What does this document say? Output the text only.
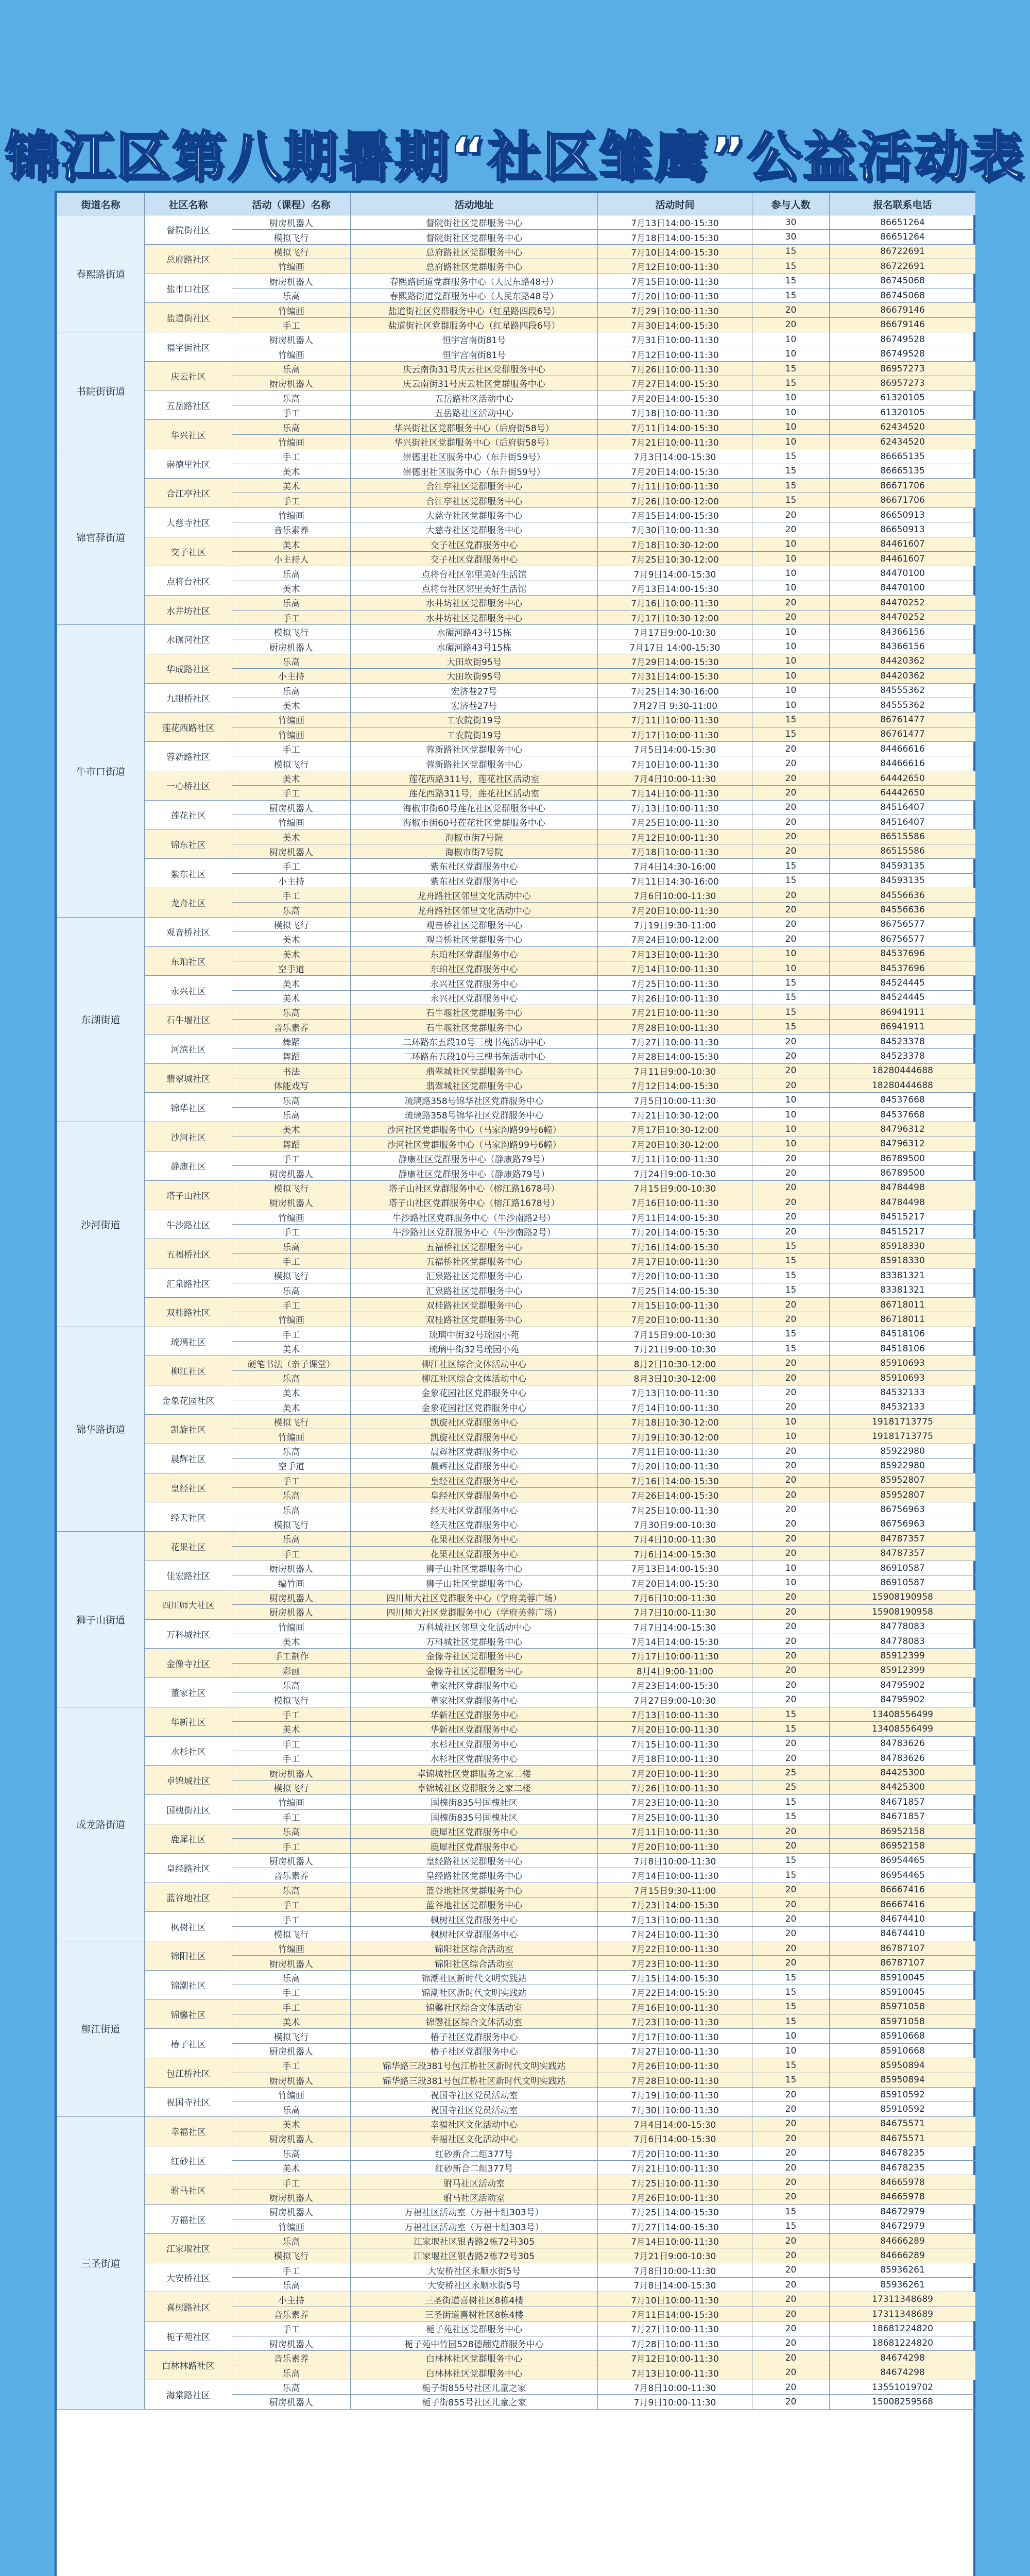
锦江区第八期暑期“社区雏鹰”公益活动表
街道名称	社区名称	活动（课程）名称	活动地址	活动时间	参与人数	报名联系电话
春熙路街道	督院街社区	厨房机器人	督院街社区党群服务中心	7月13日14:00-15:30	30	86651264
		模拟飞行	督院街社区党群服务中心	7月18日14:00-15:30	30	86651264
	总府路社区	模拟飞行	总府路社区党群服务中心	7月10日14:00-15:30	15	86722691
		竹编画	总府路社区党群服务中心	7月12日10:00-11:30	15	86722691
	盐市口社区	厨房机器人	春熙路街道党群服务中心（人民东路48号）	7月15日10:00-11:30	15	86745068
		乐高	春熙路街道党群服务中心（人民东路48号）	7月20日10:00-11:30	15	86745068
	盐道街社区	竹编画	盐道街社区党群服务中心（红星路四段6号）	7月29日10:00-11:30	20	86679146
		手工	盐道街社区党群服务中心（红星路四段6号）	7月30日14:00-15:30	20	86679146
书院街街道	福字街社区	厨房机器人	恒宇宫南街81号	7月31日10:00-11:30	10	86749528
		竹编画	恒宇宫南街81号	7月12日10:00-11:30	10	86749528
	庆云社区	乐高	庆云南街31号庆云社区党群服务中心	7月26日10:00-11:30	15	86957273
		厨房机器人	庆云南街31号庆云社区党群服务中心	7月27日14:00-15:30	15	86957273
	五岳路社区	乐高	五岳路社区活动中心	7月20日14:00-15:30	10	61320105
		手工	五岳路社区活动中心	7月18日10:00-11:30	10	61320105
	华兴社区	乐高	华兴街社区党群服务中心（后府街58号）	7月11日14:00-15:30	10	62434520
		竹编画	华兴街社区党群服务中心（后府街58号）	7月21日10:00-11:30	10	62434520
锦官驿街道	崇德里社区	手工	崇德里社区服务中心（东升街59号）	7月3日14:00-15:30	15	86665135
		美术	崇德里社区服务中心（东升街59号）	7月20日14:00-15:30	15	86665135
	合江亭社区	美术	合江亭社区党群服务中心	7月11日10:00-11:30	15	86671706
		手工	合江亭社区党群服务中心	7月26日10:00-12:00	15	86671706
	大慈寺社区	竹编画	大慈寺社区党群服务中心	7月15日14:00-15:30	20	86650913
		音乐素养	大慈寺社区党群服务中心	7月30日10:00-11:30	20	86650913
	交子社区	美术	交子社区党群服务中心	7月18日10:30-12:00	10	84461607
		小主持人	交子社区党群服务中心	7月25日10:30-12:00	10	84461607
	点将台社区	乐高	点将台社区邻里美好生活馆	7月9日14:00-15:30	10	84470100
		美术	点将台社区邻里美好生活馆	7月13日14:00-15:30	10	84470100
	水井坊社区	乐高	水井坊社区党群服务中心	7月16日10:00-11:30	20	84470252
		手工	水井坊社区党群服务中心	7月17日10:30-12:00	20	84470252
牛市口街道	水碾河社区	模拟飞行	水碾河路43号15栋	7月17日9:00-10:30	10	84366156
		厨房机器人	水碾河路43号15栋	7月17日 14:00-15:30	10	84366156
	华成路社区	乐高	大田坎街95号	7月29日14:00-15:30	10	84420362
		小主持	大田坎街95号	7月31日14:00-15:30	10	84420362
	九眼桥社区	乐高	宏济巷27号	7月25日14:30-16:00	10	84555362
		美术	宏济巷27号	7月27日 9:30-11:00	10	84555362
	莲花西路社区	竹编画	工农院街19号	7月11日10:00-11:30	15	86761477
		竹编画	工农院街19号	7月17日10:00-11:30	15	86761477
	蓉新路社区	手工	蓉新路社区党群服务中心	7月5日14:00-15:30	20	84466616
		模拟飞行	蓉新路社区党群服务中心	7月10日10:00-11:30	20	84466616
	一心桥社区	美术	莲花西路311号，莲花社区活动室	7月4日10:00-11:30	20	64442650
		手工	莲花西路311号，莲花社区活动室	7月14日10:00-11:30	20	64442650
	莲花社区	厨房机器人	海椒市街60号莲花社区党群服务中心	7月13日10:00-11:30	20	84516407
		竹编画	海椒市街60号莲花社区党群服务中心	7月25日10:00-11:30	20	84516407
	锦东社区	美术	海椒市街7号院	7月12日10:00-11:30	20	86515586
		厨房机器人	海椒市街7号院	7月18日10:00-11:30	20	86515586
	紫东社区	手工	紫东社区党群服务中心	7月4日14:30-16:00	15	84593135
		小主持	紫东社区党群服务中心	7月11日14:30-16:00	15	84593135
	龙舟社区	手工	龙舟路社区邻里文化活动中心	7月6日10:00-11:30	20	84556636
		乐高	龙舟路社区邻里文化活动中心	7月20日10:00-11:30	20	84556636
东湖街道	观音桥社区	模拟飞行	观音桥社区党群服务中心	7月19日9:30-11:00	20	86756577
		美术	观音桥社区党群服务中心	7月24日10:00-12:00	20	86756577
	东珀社区	美术	东珀社区党群服务中心	7月13日10:00-11:30	10	84537696
		空手道	东珀社区党群服务中心	7月14日10:00-11:30	10	84537696
	永兴社区	美术	永兴社区党群服务中心	7月25日10:00-11:30	15	84524445
		美术	永兴社区党群服务中心	7月26日10:00-11:30	15	84524445
	石牛堰社区	乐高	石牛堰社区党群服务中心	7月21日10:00-11:30	15	86941911
		音乐素养	石牛堰社区党群服务中心	7月28日10:00-11:30	15	86941911
	河滨社区	舞蹈	二环路东五段10号三槐书苑活动中心	7月27日10:00-11:30	20	84523378
		舞蹈	二环路东五段10号三槐书苑活动中心	7月28日14:00-15:30	20	84523378
	翡翠城社区	书法	翡翠城社区党群服务中心	7月11日9:00-10:30	20	18280444688
		体能戏写	翡翠城社区党群服务中心	7月12日14:00-15:30	20	18280444688
	锦华社区	乐高	琉璃路358号锦华社区党群服务中心	7月5日10:00-11:30	10	84537668
		乐高	琉璃路358号锦华社区党群服务中心	7月21日10:30-12:00	10	84537668
沙河街道	沙河社区	美术	沙河社区党群服务中心（马家沟路99号6幢）	7月17日10:30-12:00	10	84796312
		舞蹈	沙河社区党群服务中心（马家沟路99号6幢）	7月20日10:30-12:00	10	84796312
	静康社区	手工	静康社区党群服务中心（静康路79号）	7月11日10:00-11:30	20	86789500
		厨房机器人	静康社区党群服务中心（静康路79号）	7月24日9:00-10:30	20	86789500
	塔子山社区	模拟飞行	塔子山社区党群服务中心（榕江路1678号）	7月15日9:00-10:30	20	84784498
		厨房机器人	塔子山社区党群服务中心（榕江路1678号）	7月16日10:00-11:30	20	84784498
	牛沙路社区	竹编画	牛沙路社区党群服务中心（牛沙南路2号）	7月11日14:00-15:30	20	84515217
		手工	牛沙路社区党群服务中心（牛沙南路2号）	7月20日14:00-15:30	20	84515217
	五福桥社区	乐高	五福桥社区党群服务中心	7月16日14:00-15:30	15	85918330
		手工	五福桥社区党群服务中心	7月17日10:00-11:30	15	85918330
	汇泉路社区	模拟飞行	汇泉路社区党群服务中心	7月20日10:00-11:30	15	83381321
		乐高	汇泉路社区党群服务中心	7月25日14:00-15:30	15	83381321
	双桂路社区	手工	双桂路社区党群服务中心	7月15日10:00-11:30	20	86718011
		竹编画	双桂路社区党群服务中心	7月20日10:00-11:30	20	86718011
锦华路街道	琉璃社区	手工	琉璃中街32号琉园小苑	7月15日9:00-10:30	15	84518106
		美术	琉璃中街32号琉园小苑	7月21日9:00-10:30	15	84518106
	柳江社区	硬笔书法（亲子课堂）	柳江社区综合文体活动中心	8月2日10:30-12:00	20	85910693
		乐高	柳江社区综合文体活动中心	8月3日10:30-12:00	20	85910693
	金象花园社区	美术	金象花园社区党群服务中心	7月13日10:00-11:30	20	84532133
		美术	金象花园社区党群服务中心	7月14日10:00-11:30	20	84532133
	凯旋社区	模拟飞行	凯旋社区党群服务中心	7月18日10:30-12:00	10	19181713775
		竹编画	凯旋社区党群服务中心	7月19日10:30-12:00	10	19181713775
	晨辉社区	乐高	晨辉社区党群服务中心	7月11日10:00-11:30	20	85922980
		空手道	晨辉社区党群服务中心	7月20日10:00-11:30	20	85922980
	皇经社区	手工	皇经社区党群服务中心	7月16日14:00-15:30	20	85952807
		乐高	皇经社区党群服务中心	7月26日14:00-15:30	20	85952807
	经天社区	乐高	经天社区党群服务中心	7月25日10:00-11:30	20	86756963
		模拟飞行	经天社区党群服务中心	7月30日9:00-10:30	20	86756963
狮子山街道	花果社区	乐高	花果社区党群服务中心	7月4日10:00-11:30	20	84787357
		手工	花果社区党群服务中心	7月6日14:00-15:30	20	84787357
	佳宏路社区	厨房机器人	狮子山社区党群服务中心	7月13日14:00-15:30	10	86910587
		编竹画	狮子山社区党群服务中心	7月20日14:00-15:30	10	86910587
	四川师大社区	厨房机器人	四川师大社区党群服务中心（学府美蓉广场）	7月6日10:00-11:30	20	15908190958
		厨房机器人	四川师大社区党群服务中心（学府美蓉广场）	7月7日10:00-11:30	20	15908190958
	万科城社区	竹编画	万科城社区邻里文化活动中心	7月7日14:00-15:30	20	84778083
		美术	万科城社区党群服务中心	7月14日14:00-15:30	20	84778083
	金像寺社区	手工制作	金像寺社区党群服务中心	7月17日10:00-11:30	20	85912399
		彩画	金像寺社区党群服务中心	8月4日9:00-11:00	20	85912399
	董家社区	乐高	董家社区党群服务中心	7月23日14:00-15:30	20	84795902
		模拟飞行	董家社区党群服务中心	7月27日9:00-10:30	20	84795902
成龙路街道	华新社区	手工	华新社区党群服务中心	7月13日10:00-11:30	15	13408556499
		美术	华新社区党群服务中心	7月20日10:00-11:30	15	13408556499
	水杉社区	手工	水杉社区党群服务中心	7月15日10:00-11:30	20	84783626
		手工	水杉社区党群服务中心	7月18日10:00-11:30	20	84783626
	卓锦城社区	厨房机器人	卓锦城社区党群服务之家二楼	7月20日10:00-11:30	25	84425300
		模拟飞行	卓锦城社区党群服务之家二楼	7月26日10:00-11:30	25	84425300
	国槐街社区	竹编画	国槐街835号国槐社区	7月23日10:00-11:30	15	84671857
		手工	国槐街835号国槐社区	7月25日10:00-11:30	15	84671857
	鹿犀社区	乐高	鹿犀社区党群服务中心	7月11日10:00-11:30	20	86952158
		手工	鹿犀社区党群服务中心	7月20日10:00-11:30	20	86952158
	皇经路社区	厨房机器人	皇经路社区党群服务中心	7月8日10:00-11:30	15	86954465
		音乐素养	皇经路社区党群服务中心	7月14日10:00-11:30	15	86954465
	蓝谷地社区	乐高	蓝谷地社区党群服务中心	7月15日9:30-11:00	20	86667416
		手工	蓝谷地社区党群服务中心	7月23日14:00-15:30	20	86667416
	枫树社区	手工	枫树社区党群服务中心	7月13日10:00-11:30	20	84674410
		模拟飞行	枫树社区党群服务中心	7月24日10:00-11:30	20	84674410
柳江街道	锦阳社区	竹编画	锦阳社区综合活动室	7月22日10:00-11:30	20	86787107
		厨房机器人	锦阳社区综合活动室	7月23日10:00-11:30	20	86787107
	锦潮社区	乐高	锦潮社区新时代文明实践站	7月15日14:00-15:30	15	85910045
		手工	锦潮社区新时代文明实践站	7月22日14:00-15:30	15	85910045
	锦馨社区	手工	锦馨社区综合文体活动室	7月16日10:00-11:30	15	85971058
		美术	锦馨社区综合文体活动室	7月23日10:00-11:30	15	85971058
	椿子社区	模拟飞行	椿子社区党群服务中心	7月17日10:00-11:30	10	85910668
		厨房机器人	椿子社区党群服务中心	7月27日10:00-11:30	10	85910668
	包江桥社区	手工	锦华路三段381号包江桥社区新时代文明实践站	7月26日10:00-11:30	15	85950894
		厨房机器人	锦华路三段381号包江桥社区新时代文明实践站	7月28日10:00-11:30	15	85950894
	祝国寺社区	竹编画	祝国寺社区党员活动室	7月19日10:00-11:30	20	85910592
		乐高	祝国寺社区党员活动室	7月30日10:00-11:30	20	85910592
三圣街道	幸福社区	美术	幸福社区文化活动中心	7月4日14:00-15:30	20	84675571
		厨房机器人	幸福社区文化活动中心	7月6日14:00-15:30	20	84675571
	红砂社区	乐高	红砂新合二组377号	7月20日10:00-11:30	20	84678235
		美术	红砂新合二组377号	7月21日10:00-11:30	20	84678235
	驸马社区	手工	驸马社区活动室	7月25日10:00-11:30	20	84665978
		厨房机器人	驸马社区活动室	7月26日10:00-11:30	20	84665978
	万福社区	厨房机器人	万福社区活动室（万福十组303号）	7月25日14:00-15:30	15	84672979
		竹编画	万福社区活动室（万福十组303号）	7月27日14:00-15:30	15	84672979
	江家堰社区	乐高	江家堰社区银杏路2栋72号305	7月14日10:00-11:30	20	84666289
		模拟飞行	江家堰社区银杏路2栋72号305	7月21日9:00-10:30	20	84666289
	大安桥社区	手工	大安桥社区永顺水街5号	7月8日10:00-11:30	20	85936261
		乐高	大安桥社区永顺水街5号	7月8日14:00-15:30	20	85936261
	喜树路社区	小主持	三圣街道喜树社区8栋4楼	7月10日10:00-11:30	20	17311348689
		音乐素养	三圣街道喜树社区8栋4楼	7月11日14:00-15:30	20	17311348689
	栀子苑社区	手工	栀子苑社区党群服务中心	7月27日10:00-11:30	20	18681224820
		厨房机器人	栀子苑中竹园528德翻党群服务中心	7月28日10:00-11:30	20	18681224820
	白林林路社区	音乐素养	白林林社区党群服务中心	7月12日10:00-11:30	20	84674298
		乐高	白林林社区党群服务中心	7月13日10:00-11:30	20	84674298
	海棠路社区	乐高	栀子街855号社区儿童之家	7月8日10:00-11:30	20	13551019702
		厨房机器人	栀子街855号社区儿童之家	7月9日10:00-11:30	20	15008259568
